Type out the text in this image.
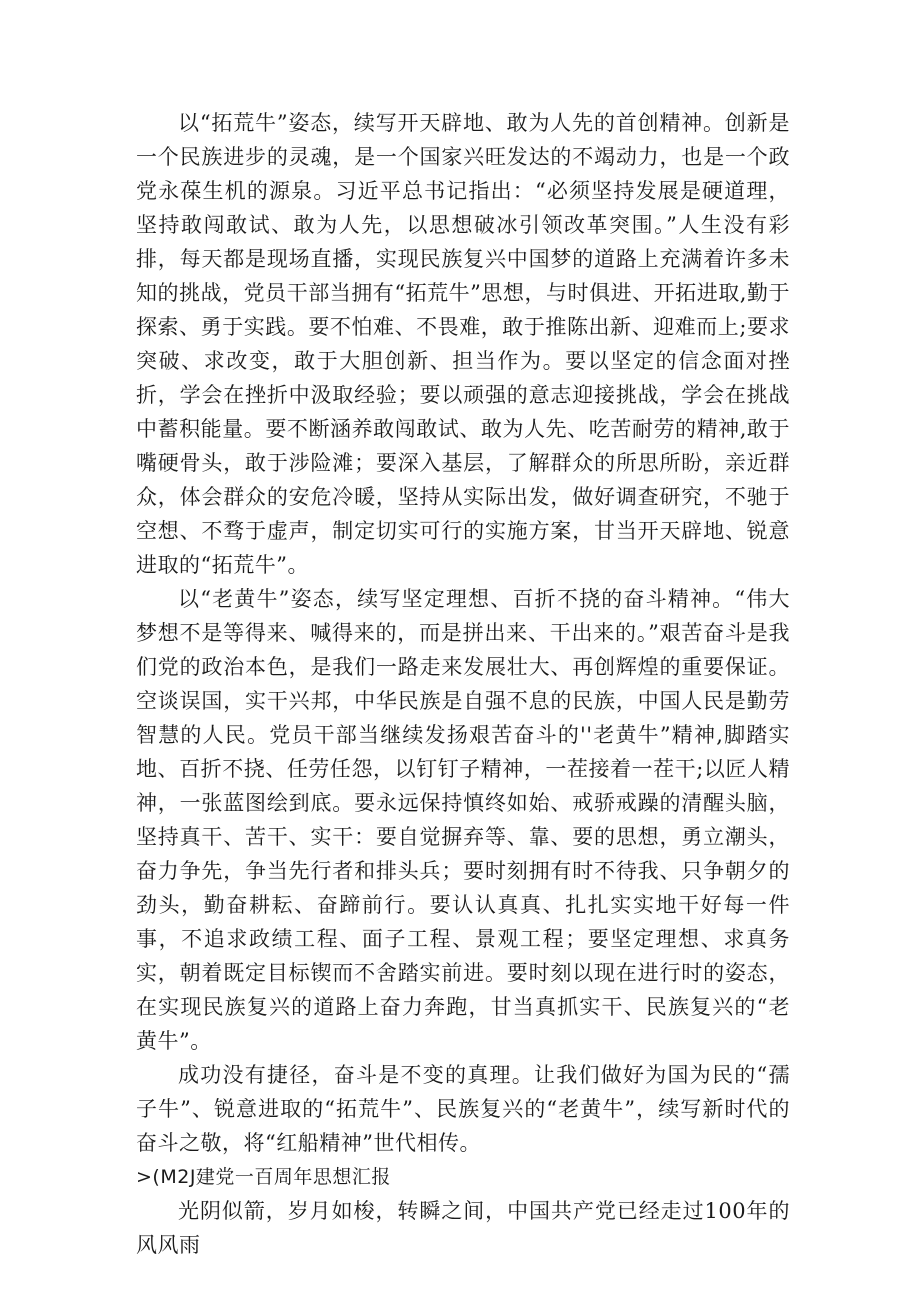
以“拓荒牛”姿态，续写开天辟地、敢为人先的首创精神。创新是一个民族进步的灵魂，是一个国家兴旺发达的不竭动力，也是一个政党永葆生机的源泉。习近平总书记指出：“必须坚持发展是硬道理，坚持敢闯敢试、敢为人先，以思想破冰引领改革突围。”人生没有彩排，每天都是现场直播，实现民族复兴中国梦的道路上充满着许多未知的挑战，党员干部当拥有“拓荒牛”思想，与时俱进、开拓进取,勤于探索、勇于实践。要不怕难、不畏难，敢于推陈出新、迎难而上;要求突破、求改变，敢于大胆创新、担当作为。要以坚定的信念面对挫折，学会在挫折中汲取经验；要以顽强的意志迎接挑战，学会在挑战中蓄积能量。要不断涵养敢闯敢试、敢为人先、吃苦耐劳的精神,敢于嘴硬骨头，敢于涉险滩；要深入基层，了解群众的所思所盼，亲近群众，体会群众的安危冷暖，坚持从实际出发，做好调查研究，不驰于空想、不骛于虚声，制定切实可行的实施方案，甘当开天辟地、锐意进取的“拓荒牛”。

以“老黄牛”姿态，续写坚定理想、百折不挠的奋斗精神。“伟大梦想不是等得来、喊得来的，而是拼出来、干出来的。”艰苦奋斗是我们党的政治本色，是我们一路走来发展壮大、再创辉煌的重要保证。空谈误国，实干兴邦，中华民族是自强不息的民族，中国人民是勤劳智慧的人民。党员干部当继续发扬艰苦奋斗的''老黄牛”精神,脚踏实地、百折不挠、任劳任怨，以钉钉子精神，一茬接着一茬干;以匠人精神，一张蓝图绘到底。要永远保持慎终如始、戒骄戒躁的清醒头脑，坚持真干、苦干、实干：要自觉摒弃等、靠、要的思想，勇立潮头，奋力争先，争当先行者和排头兵；要时刻拥有时不待我、只争朝夕的劲头，勤奋耕耘、奋蹄前行。要认认真真、扎扎实实地干好每一件事，不追求政绩工程、面子工程、景观工程；要坚定理想、求真务实，朝着既定目标锲而不舍踏实前进。要时刻以现在进行时的姿态，在实现民族复兴的道路上奋力奔跑，甘当真抓实干、民族复兴的“老黄牛”。

成功没有捷径，奋斗是不变的真理。让我们做好为国为民的“孺子牛”、锐意进取的“拓荒牛”、民族复兴的“老黄牛”，续写新时代的奋斗之敬，将“红船精神”世代相传。

>(M2J建党一百周年思想汇报

光阴似箭，岁月如梭，转瞬之间，中国共产党已经走过100年的风风雨
